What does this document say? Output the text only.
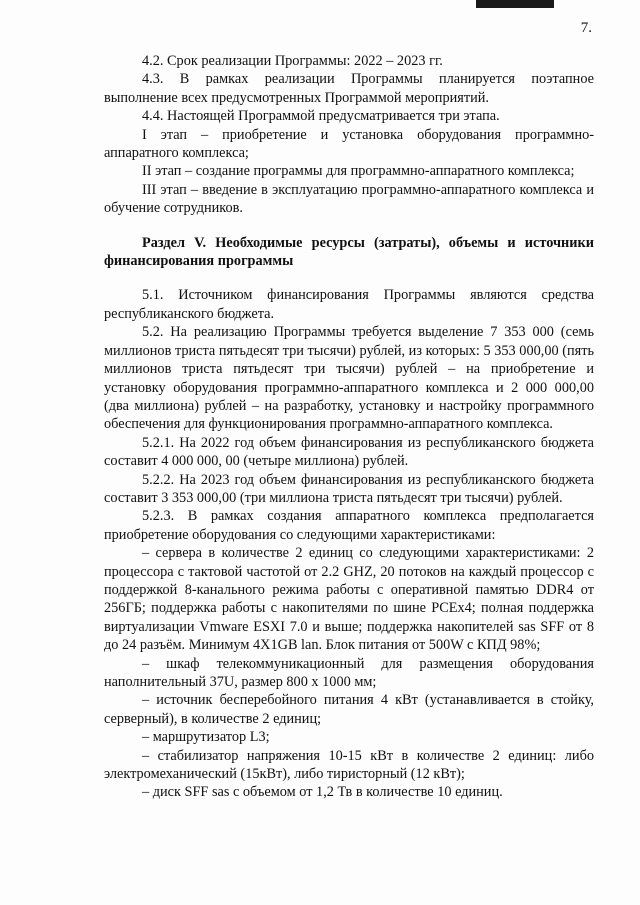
7.

4.2. Срок реализации Программы: 2022 – 2023 гг.

4.3. В рамках реализации Программы планируется поэтапное выполнение всех предусмотренных Программой мероприятий.

4.4. Настоящей Программой предусматривается три этапа.

I этап – приобретение и установка оборудования программно-аппаратного комплекса;

II этап – создание программы для программно-аппаратного комплекса;

III этап – введение в эксплуатацию программно-аппаратного комплекса и обучение сотрудников.

Раздел V. Необходимые ресурсы (затраты), объемы и источники финансирования программы

5.1. Источником финансирования Программы являются средства республиканского бюджета.

5.2. На реализацию Программы требуется выделение 7 353 000 (семь миллионов триста пятьдесят три тысячи) рублей, из которых: 5 353 000,00 (пять миллионов триста пятьдесят три тысячи) рублей – на приобретение и установку оборудования программно-аппаратного комплекса и 2 000 000,00 (два миллиона) рублей – на разработку, установку и настройку программного обеспечения для функционирования программно-аппаратного комплекса.

5.2.1. На 2022 год объем финансирования из республиканского бюджета составит 4 000 000, 00 (четыре миллиона) рублей.

5.2.2. На 2023 год объем финансирования из республиканского бюджета составит 3 353 000,00 (три миллиона триста пятьдесят три тысячи) рублей.

5.2.3. В рамках создания аппаратного комплекса предполагается приобретение оборудования со следующими характеристиками:

– сервера в количестве 2 единиц со следующими характеристиками: 2 процессора с тактовой частотой от 2.2 GHZ, 20 потоков на каждый процессор с поддержкой 8-канального режима работы с оперативной памятью DDR4 от 256ГБ; поддержка работы с накопителями по шине PCEx4; полная поддержка виртуализации Vmware ESXI 7.0 и выше; поддержка накопителей sas SFF от 8 до 24 разъём. Минимум 4X1GB lan. Блок питания от 500W с КПД 98%;

– шкаф телекоммуникационный для размещения оборудования наполнительный 37U, размер 800 х 1000 мм;

– источник бесперебойного питания 4 кВт (устанавливается в стойку, серверный), в количестве 2 единиц;

– маршрутизатор L3;

– стабилизатор напряжения 10-15 кВт в количестве 2 единиц: либо электромеханический (15кВт), либо тиристорный (12 кВт);

– диск SFF sas с объемом от 1,2 Тв в количестве 10 единиц.
